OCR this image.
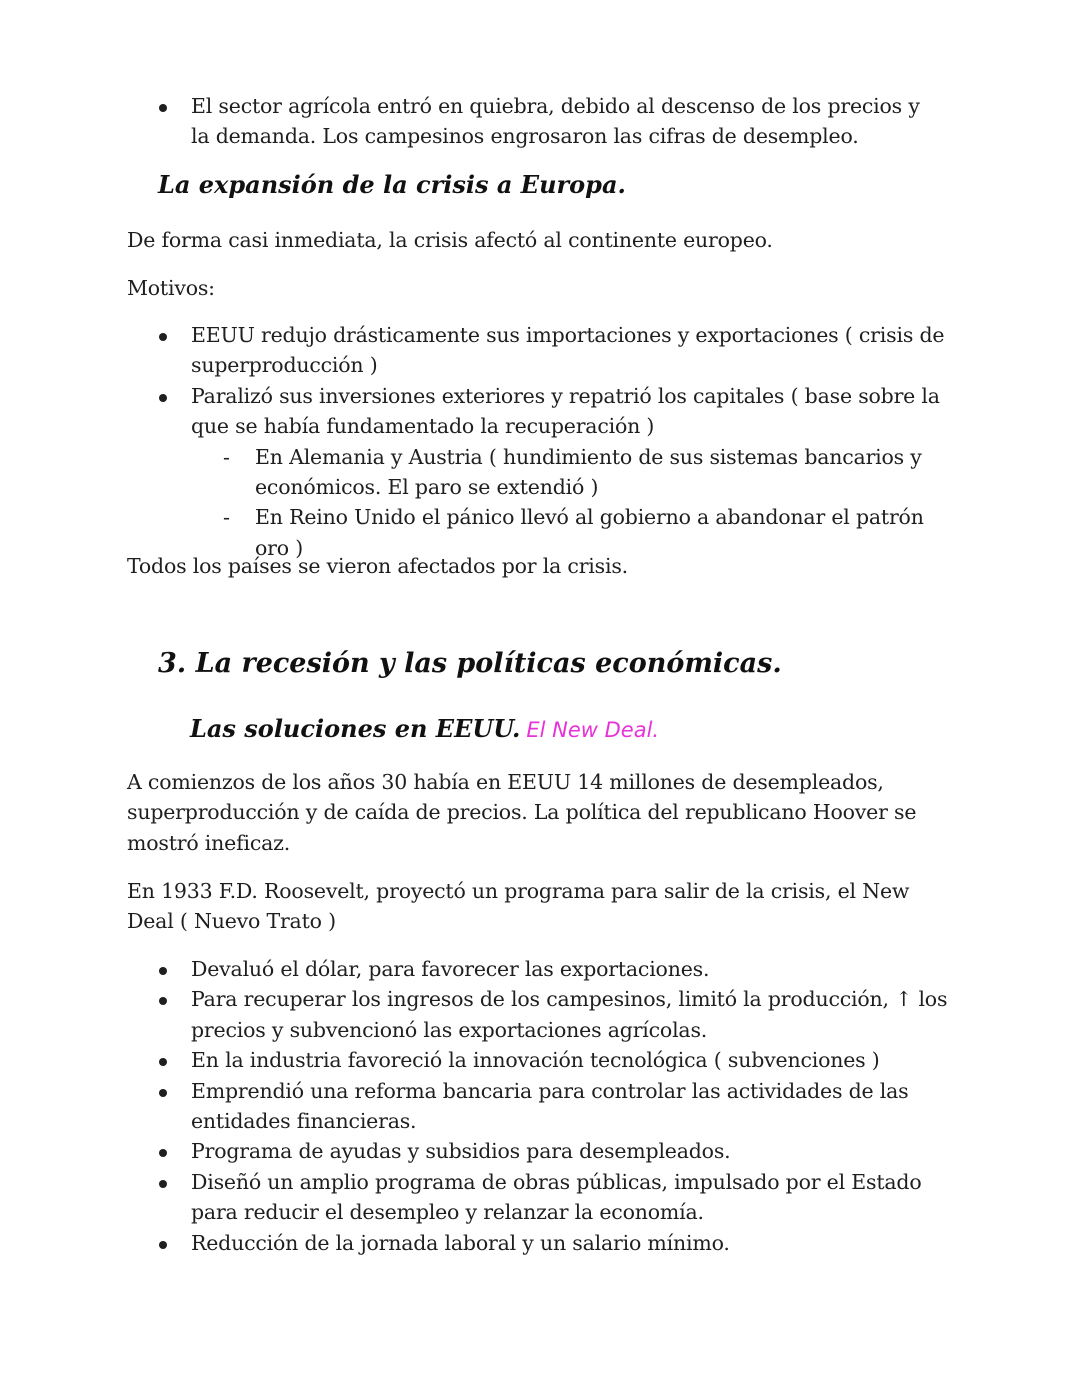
El sector agrícola entró en quiebra, debido al descenso de los precios y la demanda. Los campesinos engrosaron las cifras de desempleo.
La expansión de la crisis a Europa.
De forma casi inmediata, la crisis afectó al continente europeo.
Motivos:
EEUU redujo drásticamente sus importaciones y exportaciones ( crisis de superproducción )
Paralizó sus inversiones exteriores y repatrió los capitales ( base sobre la que se había fundamentado la recuperación )
- En Alemania y Austria ( hundimiento de sus sistemas bancarios y económicos. El paro se extendió )
- En Reino Unido el pánico llevó al gobierno a abandonar el patrón oro )
Todos los países se vieron afectados por la crisis.
3. La recesión y las políticas económicas.
Las soluciones en EEUU. El New Deal.
A comienzos de los años 30 había en EEUU 14 millones de desempleados, superproducción y de caída de precios. La política del republicano Hoover se mostró ineficaz.
En 1933 F.D. Roosevelt, proyectó un programa para salir de la crisis, el New Deal ( Nuevo Trato )
Devaluó el dólar, para favorecer las exportaciones.
Para recuperar los ingresos de los campesinos, limitó la producción, ↑ los precios y subvencionó las exportaciones agrícolas.
En la industria favoreció la innovación tecnológica ( subvenciones )
Emprendió una reforma bancaria para controlar las actividades de las entidades financieras.
Programa de ayudas y subsidios para desempleados.
Diseñó un amplio programa de obras públicas, impulsado por el Estado para reducir el desempleo y relanzar la economía.
Reducción de la jornada laboral y un salario mínimo.
